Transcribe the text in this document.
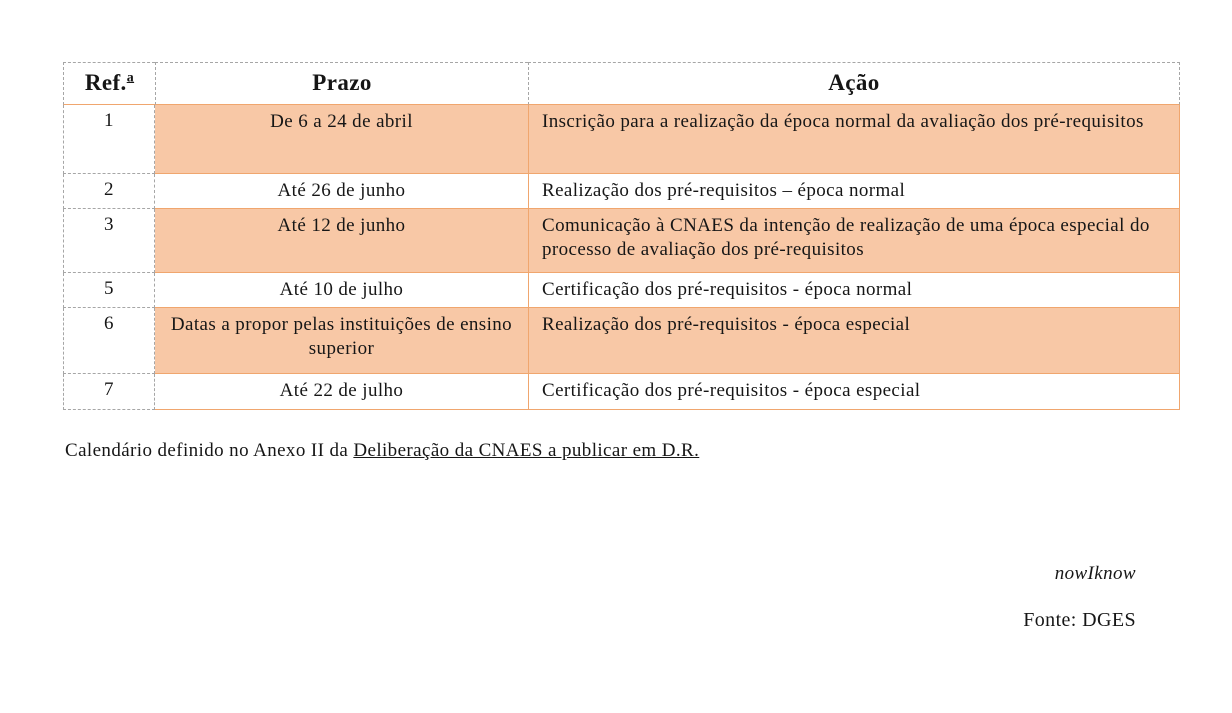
Ref.$^a$	Prazo	Ação
1	De 6 a 24 de abril	Inscrição para a realização da época normal da avaliação dos pré-requisitos
2	Até 26 de junho	Realização dos pré-requisitos – época normal
3	Até 12 de junho	Comunicação à CNAES da intenção de realização de uma época especial do processo de avaliação dos pré-requisitos
5	Até 10 de julho	Certificação dos pré-requisitos - época normal
6	Datas a propor pelas instituições de ensino superior	Realização dos pré-requisitos - época especial
7	Até 22 de julho	Certificação dos pré-requisitos - época especial

Calendário definido no Anexo II da Deliberação da CNAES a publicar em D.R.

nowIknow
Fonte: DGES
